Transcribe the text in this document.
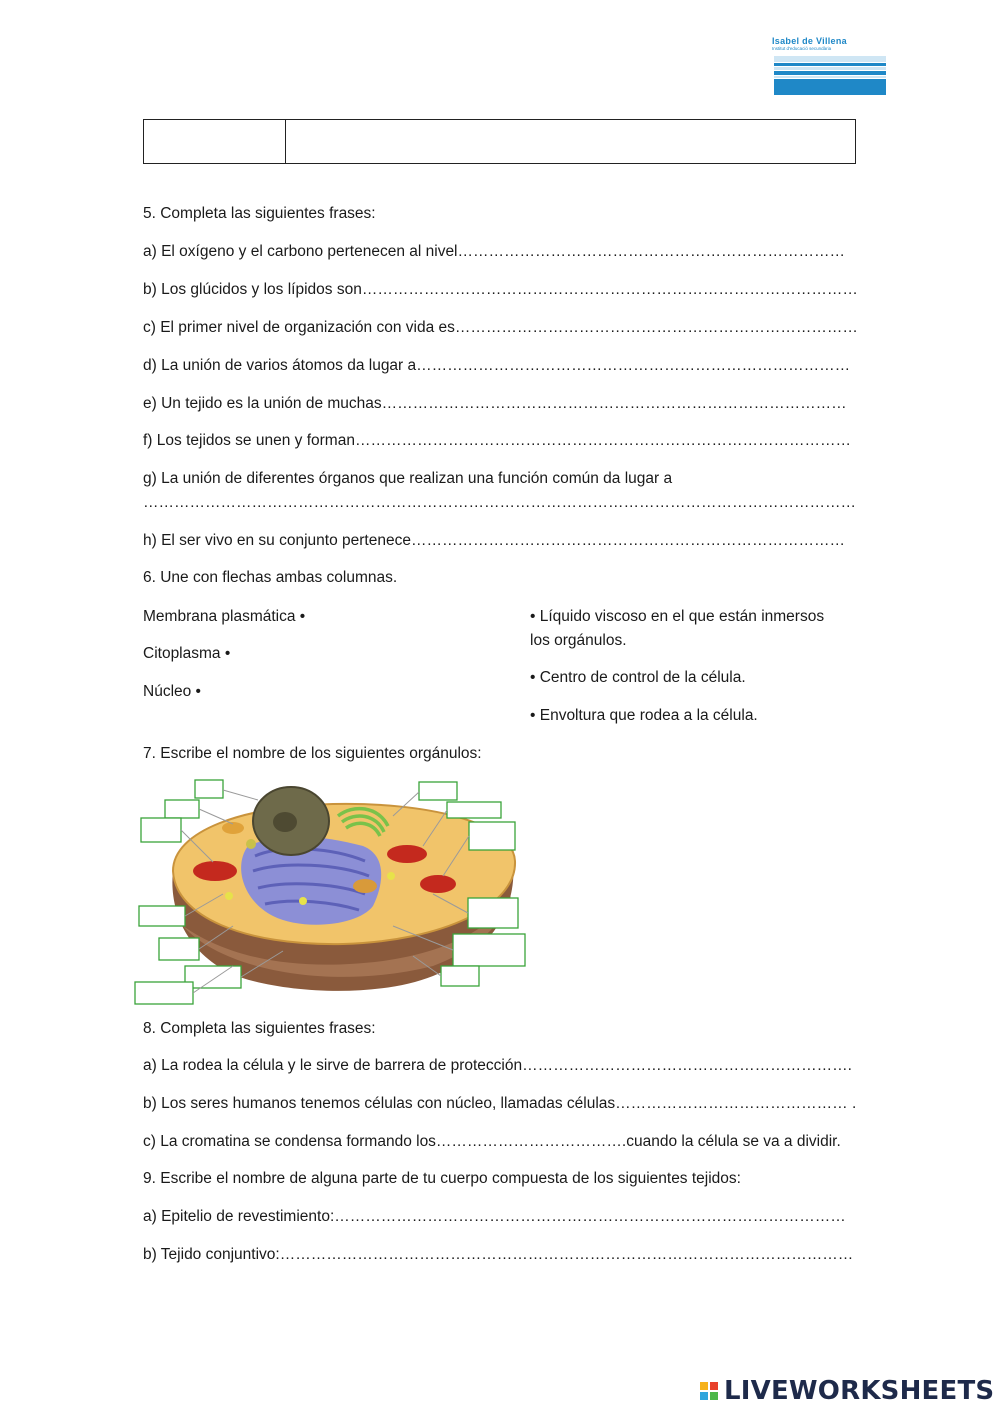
Isabel de Villena
Institut d'educació secundària
5. Completa las siguientes frases:
a) El oxígeno y el carbono pertenecen al nivel…………………………………………………………………
b) Los glúcidos y los lípidos son……………………………………………………………………………………
c) El primer nivel de organización con vida es……………………………………………………………………
d) La unión de varios átomos da lugar a…………………………………………………………………………
e) Un tejido es la unión de muchas………………………………………………………………………………
f) Los tejidos se unen y forman……………………………………………………………………………………
g) La unión de diferentes órganos que realizan una función común da lugar a
…………………………………………………………………………………………………………………………
h) El ser vivo en su conjunto pertenece…………………………………………………………………………
6. Une con flechas ambas columnas.
Membrana plasmática •
Citoplasma •
Núcleo •
• Líquido viscoso en el que están inmersos
los orgánulos.
• Centro de control de la célula.
• Envoltura que rodea a la célula.
7. Escribe el nombre de los siguientes orgánulos:
8. Completa las siguientes frases:
a) La rodea la célula y le sirve de barrera de protección……………………………………………………….
b) Los seres humanos tenemos células con núcleo, llamadas células……………………………………… .
c) La cromatina se condensa formando los……………………………….cuando la célula se va a dividir.
9. Escribe el nombre de alguna parte de tu cuerpo compuesta de los siguientes tejidos:
a) Epitelio de revestimiento:………………………………………………………………………………………
b) Tejido conjuntivo:…………………………………………………………………………………………………
LIVEWORKSHEETS
